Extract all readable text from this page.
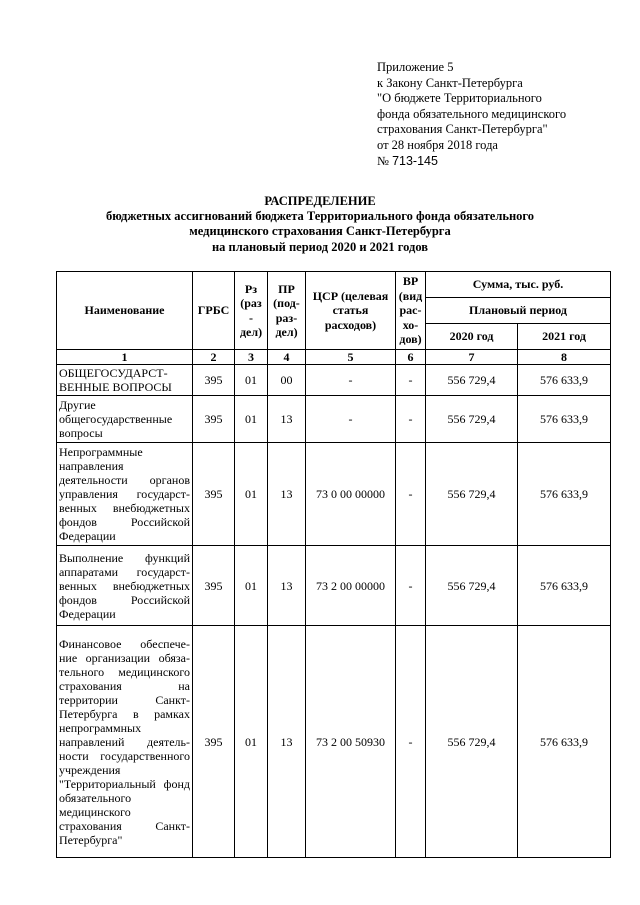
Приложение 5
к Закону Санкт-Петербурга
"О бюджете Территориального
фонда обязательного медицинского
страхования Санкт-Петербурга"
от 28 ноября 2018 года
№ 713-145
РАСПРЕДЕЛЕНИЕ
бюджетных ассигнований бюджета Территориального фонда обязательного
медицинского страхования Санкт-Петербурга
на плановый период 2020 и 2021 годов
Наименование	ГРБС	Рз (раз - дел)	ПР (под- раз- дел)	ЦСР (целевая статья расходов)	ВР (вид рас- хо- дов)	Сумма, тыс. руб.	
						Плановый период	
						2020 год	2021 год
1	2	3	4	5	6	7	8
ОБЩЕГОСУДАРСТ- ВЕННЫЕ ВОПРОСЫ	395	01	00	-	-	556 729,4	576 633,9
Другие общегосударственные вопросы	395	01	13	-	-	556 729,4	576 633,9
Непрограммные направления деятельности органов управления государст- венных внебюджетных фондов Российской Федерации	395	01	13	73 0 00 00000	-	556 729,4	576 633,9
Выполнение функций аппаратами государст- венных внебюджетных фондов Российской Федерации	395	01	13	73 2 00 00000	-	556 729,4	576 633,9
Финансовое обеспече- ние организации обяза- тельного медицинского страхования на территории Санкт- Петербурга в рамках непрограммных направлений деятель- ности государственного учреждения "Территориальный фонд обязательного медицинского страхования Санкт-Петербурга"	395	01	13	73 2 00 50930	-	556 729,4	576 633,9
